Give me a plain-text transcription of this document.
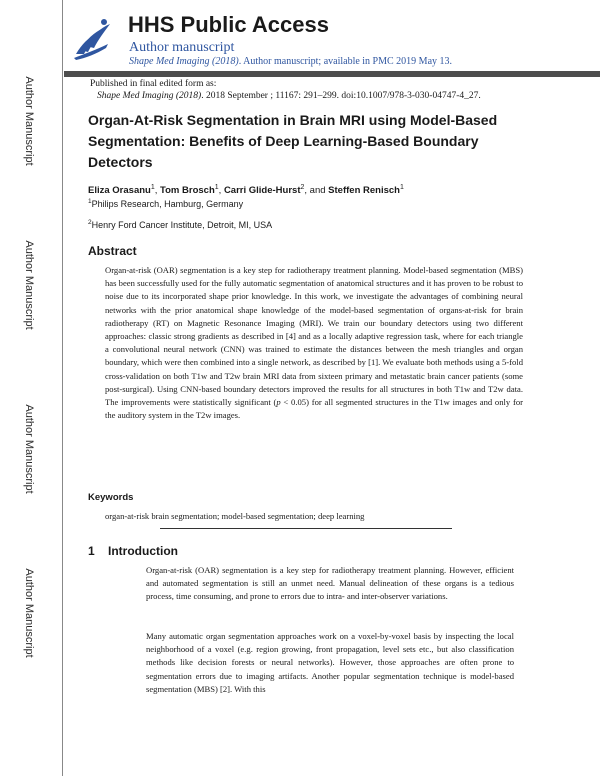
Author Manuscript
Author Manuscript
Author Manuscript
Author Manuscript
HHS Public Access
Author manuscript
Shape Med Imaging (2018). Author manuscript; available in PMC 2019 May 13.
Published in final edited form as:
Shape Med Imaging (2018). 2018 September ; 11167: 291–299. doi:10.1007/978-3-030-04747-4_27.
Organ-At-Risk Segmentation in Brain MRI using Model-Based Segmentation: Benefits of Deep Learning-Based Boundary Detectors
Eliza Orasanu$^1$, Tom Brosch$^1$, Carri Glide-Hurst$^2$, and Steffen Renisch$^1$
$^1$Philips Research, Hamburg, Germany
$^2$Henry Ford Cancer Institute, Detroit, MI, USA
Abstract

Organ-at-risk (OAR) segmentation is a key step for radiotherapy treatment planning. Model-based segmentation (MBS) has been successfully used for the fully automatic segmentation of anatomical structures and it has proven to be robust to noise due to its incorporated shape prior knowledge. In this work, we investigate the advantages of combining neural networks with the prior anatomical shape knowledge of the model-based segmentation of organs-at-risk for brain radiotherapy (RT) on Magnetic Resonance Imaging (MRI). We train our boundary detectors using two different approaches: classic strong gradients as described in [4] and as a locally adaptive regression task, where for each triangle a convolutional neural network (CNN) was trained to estimate the distances between the mesh triangles and organ boundary, which were then combined into a single network, as described by [1]. We evaluate both methods using a 5-fold cross-validation on both T1w and T2w brain MRI data from sixteen primary and metastatic brain cancer patients (some post-surgical). Using CNN-based boundary detectors improved the results for all structures in both T1w and T2w data. The improvements were statistically significant (p < 0.05) for all segmented structures in the T1w images and only for the auditory system in the T2w images.

Keywords
organ-at-risk brain segmentation; model-based segmentation; deep learning
1 Introduction

Organ-at-risk (OAR) segmentation is a key step for radiotherapy treatment planning. However, efficient and automated segmentation is still an unmet need. Manual delineation of these organs is a tedious process, time consuming, and prone to errors due to intra- and inter-observer variations.

Many automatic organ segmentation approaches work on a voxel-by-voxel basis by inspecting the local neighborhood of a voxel (e.g. region growing, front propagation, level sets etc., but also classification methods like decision forests or neural networks). However, those approaches are often prone to segmentation errors due to imaging artifacts. Another popular segmentation technique is model-based segmentation (MBS) [2]. With this
